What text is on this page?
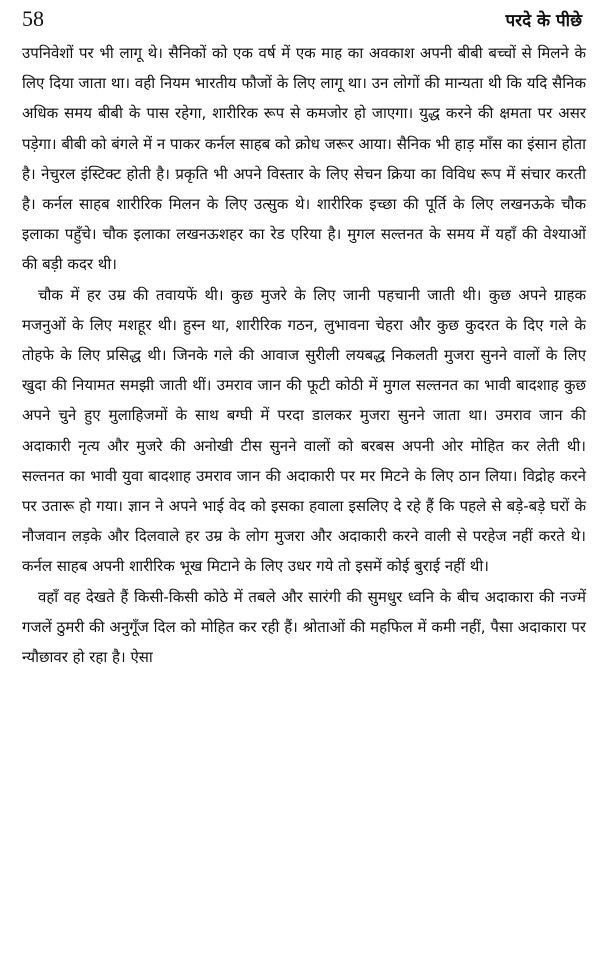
58	परदे के पीछे

उपनिवेशों पर भी लागू थे। सैनिकों को एक वर्ष में एक माह का अवकाश अपनी बीबी बच्चों से मिलने के लिए दिया जाता था। वही नियम भारतीय फौजों के लिए लागू था। उन लोगों की मान्यता थी कि यदि सैनिक अधिक समय बीबी के पास रहेगा, शारीरिक रूप से कमजोर हो जाएगा। युद्ध करने की क्षमता पर असर पड़ेगा। बीबी को बंगले में न पाकर कर्नल साहब को क्रोध जरूर आया। सैनिक भी हाड़ माँस का इंसान होता है। नेचुरल इंस्टिक्ट होती है। प्रकृति भी अपने विस्तार के लिए सेचन क्रिया का विविध रूप में संचार करती है। कर्नल साहब शारीरिक मिलन के लिए उत्सुक थे। शारीरिक इच्छा की पूर्ति के लिए लखनऊके चौक इलाका पहुँचे। चौक इलाका लखनऊशहर का रेड एरिया है। मुगल सल्तनत के समय में यहाँ की वेश्याओं की बड़ी कदर थी।

चौक में हर उम्र की तवायफें थी। कुछ मुजरे के लिए जानी पहचानी जाती थी। कुछ अपने ग्राहक मजनुओं के लिए मशहूर थी। हुस्न था, शारीरिक गठन, लुभावना चेहरा और कुछ कुदरत के दिए गले के तोहफे के लिए प्रसिद्ध थी। जिनके गले की आवाज सुरीली लयबद्ध निकलती मुजरा सुनने वालों के लिए खुदा की नियामत समझी जाती थीं। उमराव जान की फूटी कोठी में मुगल सल्तनत का भावी बादशाह कुछ अपने चुने हुए मुलाहिजमों के साथ बग्घी में परदा डालकर मुजरा सुनने जाता था। उमराव जान की अदाकारी नृत्य और मुजरे की अनोखी टीस सुनने वालों को बरबस अपनी ओर मोहित कर लेती थी। सल्तनत का भावी युवा बादशाह उमराव जान की अदाकारी पर मर मिटने के लिए ठान लिया। विद्रोह करने पर उतारू हो गया। ज्ञान ने अपने भाई वेद को इसका हवाला इसलिए दे रहे हैं कि पहले से बड़े-बड़े घरों के नौजवान लड़के और दिलवाले हर उम्र के लोग मुजरा और अदाकारी करने वाली से परहेज नहीं करते थे। कर्नल साहब अपनी शारीरिक भूख मिटाने के लिए उधर गये तो इसमें कोई बुराई नहीं थी।

वहाँ वह देखते हैं किसी-किसी कोठे में तबले और सारंगी की सुमधुर ध्वनि के बीच अदाकारा की नज्में गजलें ठुमरी की अनुगूँज दिल को मोहित कर रही हैं। श्रोताओं की महफिल में कमी नहीं, पैसा अदाकारा पर न्यौछावर हो रहा है। ऐसा
